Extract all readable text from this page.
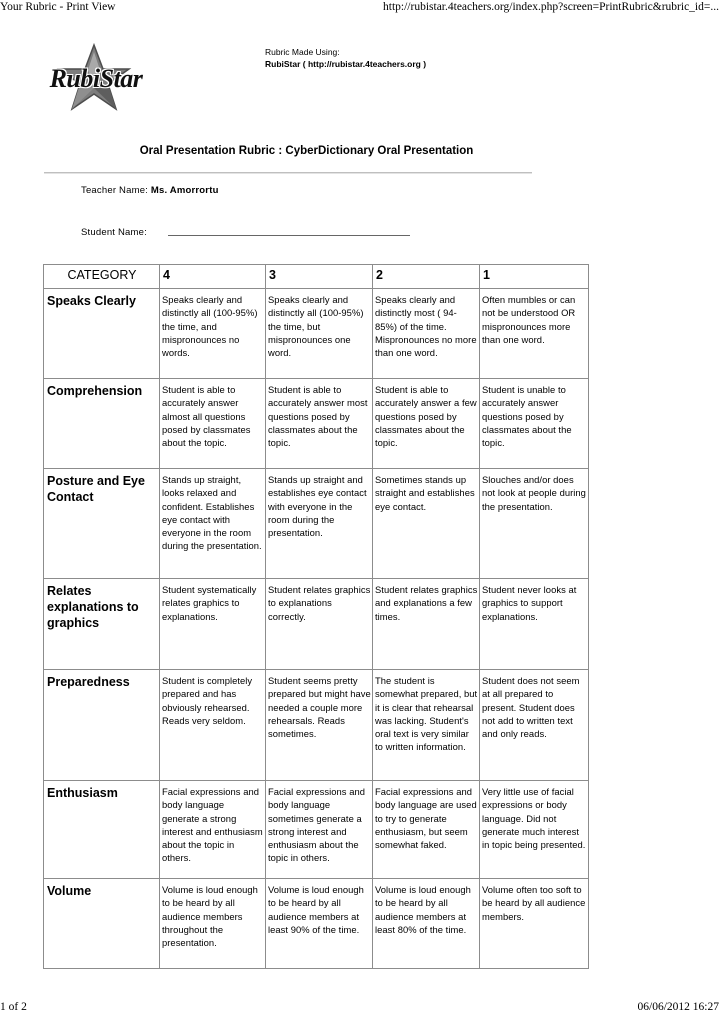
Your Rubric - Print View	http://rubistar.4teachers.org/index.php?screen=PrintRubric&rubric_id=...
RubiStar
Rubric Made Using:
RubiStar ( http://rubistar.4teachers.org )
Oral Presentation Rubric : CyberDictionary Oral Presentation
Teacher Name: Ms. Amorrortu
Student Name:
CATEGORY	4	3	2	1
Speaks Clearly	Speaks clearly and distinctly all (100-95%) the time, and mispronounces no words.	Speaks clearly and distinctly all (100-95%) the time, but mispronounces one word.	Speaks clearly and distinctly most ( 94-85%) of the time. Mispronounces no more than one word.	Often mumbles or can not be understood OR mispronounces more than one word.
Comprehension	Student is able to accurately answer almost all questions posed by classmates about the topic.	Student is able to accurately answer most questions posed by classmates about the topic.	Student is able to accurately answer a few questions posed by classmates about the topic.	Student is unable to accurately answer questions posed by classmates about the topic.
Posture and Eye Contact	Stands up straight, looks relaxed and confident. Establishes eye contact with everyone in the room during the presentation.	Stands up straight and establishes eye contact with everyone in the room during the presentation.	Sometimes stands up straight and establishes eye contact.	Slouches and/or does not look at people during the presentation.
Relates explanations to graphics	Student systematically relates graphics to explanations.	Student relates graphics to explanations correctly.	Student relates graphics and explanations a few times.	Student never looks at graphics to support explanations.
Preparedness	Student is completely prepared and has obviously rehearsed. Reads very seldom.	Student seems pretty prepared but might have needed a couple more rehearsals. Reads sometimes.	The student is somewhat prepared, but it is clear that rehearsal was lacking. Student's oral text is very similar to written information.	Student does not seem at all prepared to present. Student does not add to written text and only reads.
Enthusiasm	Facial expressions and body language generate a strong interest and enthusiasm about the topic in others.	Facial expressions and body language sometimes generate a strong interest and enthusiasm about the topic in others.	Facial expressions and body language are used to try to generate enthusiasm, but seem somewhat faked.	Very little use of facial expressions or body language. Did not generate much interest in topic being presented.
Volume	Volume is loud enough to be heard by all audience members throughout the presentation.	Volume is loud enough to be heard by all audience members at least 90% of the time.	Volume is loud enough to be heard by all audience members at least 80% of the time.	Volume often too soft to be heard by all audience members.
1 of 2	06/06/2012 16:27
